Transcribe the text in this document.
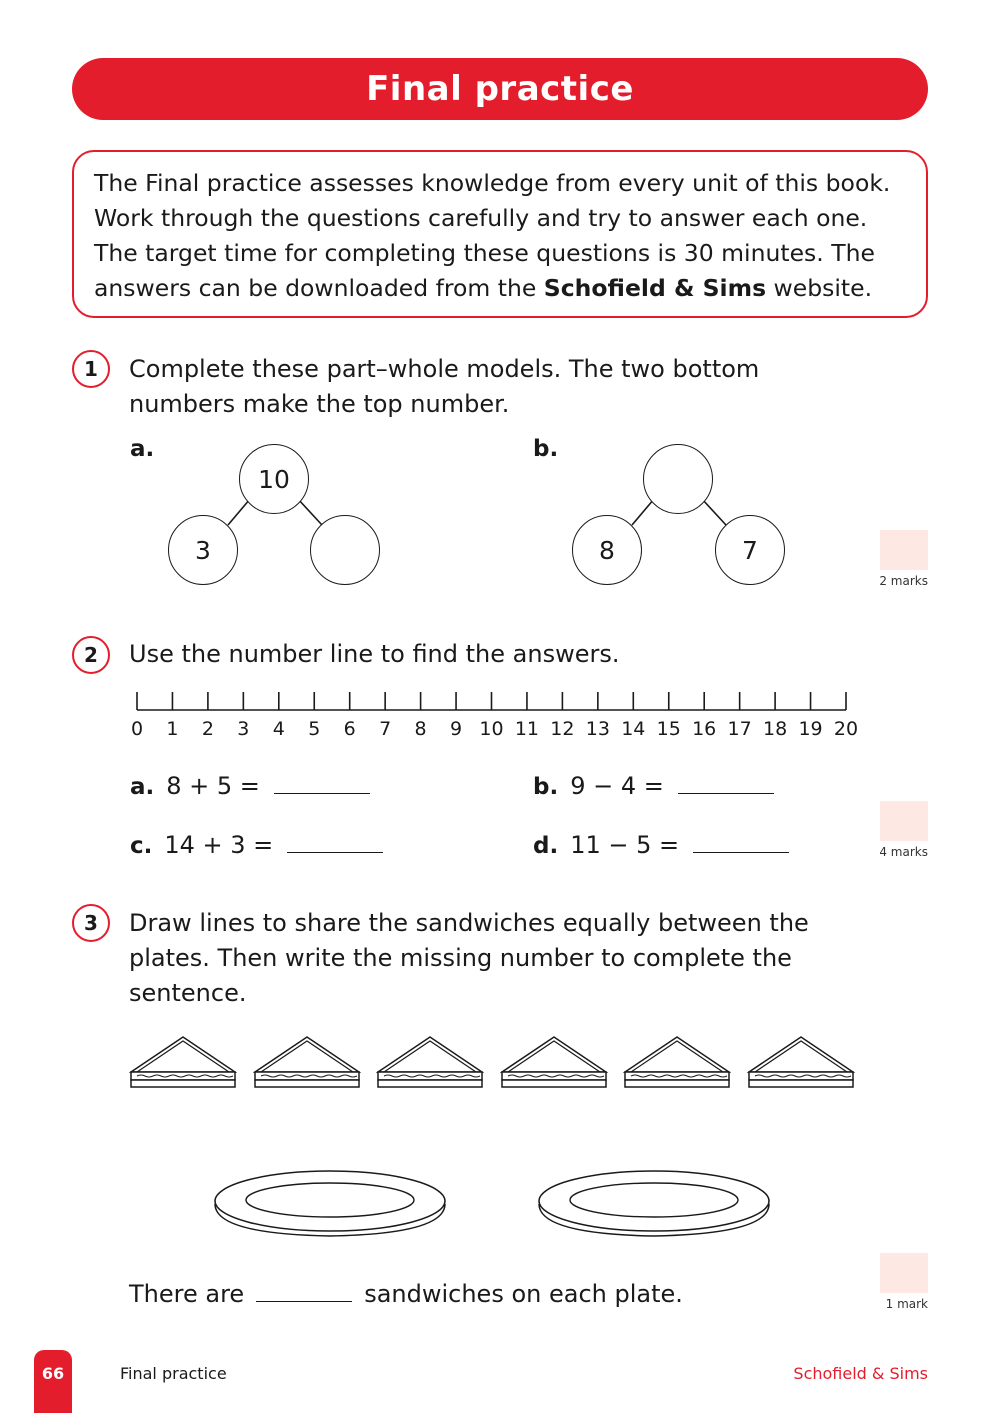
Final practice
The Final practice assesses knowledge from every unit of this book.
Work through the questions carefully and try to answer each one.
The target time for completing these questions is 30 minutes. The
answers can be downloaded from the Schofield & Sims website.
1	Complete these part–whole models. The two bottom
numbers make the top number.
a.
10
3
b.
8	7
2 marks
2	Use the number line to find the answers.
0 1 2 3 4 5 6 7 8 9 10 11 12 13 14 15 16 17 18 19 20
a. 8 + 5 =	b. 9 − 4 =
c. 14 + 3 =	d. 11 − 5 =	4 marks
3	Draw lines to share the sandwiches equally between the
plates. Then write the missing number to complete the
sentence.
There are	sandwiches on each plate.	1 mark
66	Final practice	Schofield & Sims
